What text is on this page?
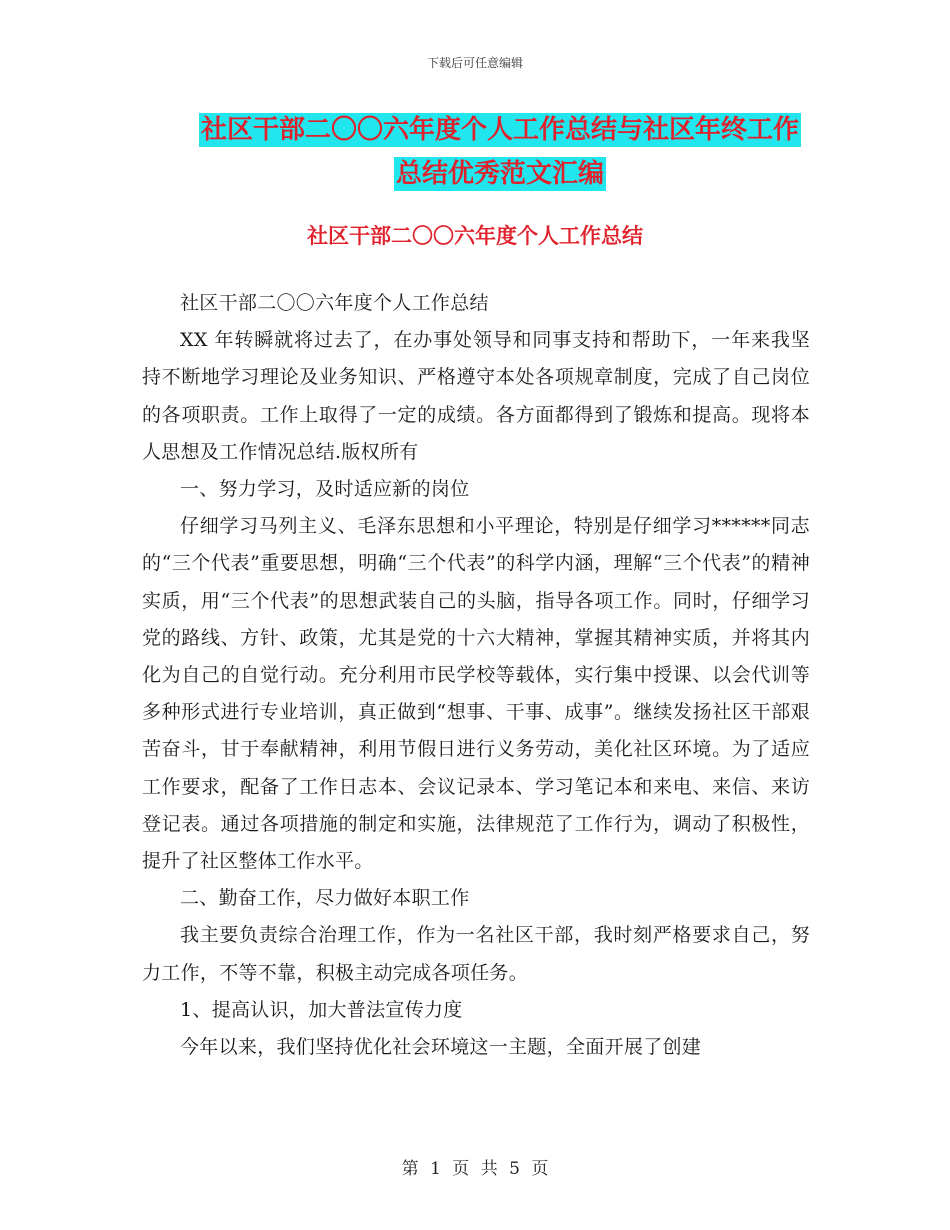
下载后可任意编辑
社区干部二〇〇六年度个人工作总结与社区年终工作
总结优秀范文汇编
社区干部二〇〇六年度个人工作总结

社区干部二〇〇六年度个人工作总结

XX 年转瞬就将过去了，在办事处领导和同事支持和帮助下，一年来我坚持不断地学习理论及业务知识、严格遵守本处各项规章制度，完成了自己岗位的各项职责。工作上取得了一定的成绩。各方面都得到了锻炼和提高。现将本人思想及工作情况总结.版权所有

一、努力学习，及时适应新的岗位

仔细学习马列主义、毛泽东思想和小平理论，特别是仔细学习******同志的“三个代表”重要思想，明确“三个代表”的科学内涵，理解“三个代表”的精神实质，用“三个代表”的思想武装自己的头脑，指导各项工作。同时，仔细学习党的路线、方针、政策，尤其是党的十六大精神，掌握其精神实质，并将其内化为自己的自觉行动。充分利用市民学校等载体，实行集中授课、以会代训等多种形式进行专业培训，真正做到“想事、干事、成事”。继续发扬社区干部艰苦奋斗，甘于奉献精神，利用节假日进行义务劳动，美化社区环境。为了适应工作要求，配备了工作日志本、会议记录本、学习笔记本和来电、来信、来访登记表。通过各项措施的制定和实施，法律规范了工作行为，调动了积极性，提升了社区整体工作水平。

二、勤奋工作，尽力做好本职工作

我主要负责综合治理工作，作为一名社区干部，我时刻严格要求自己，努力工作，不等不靠，积极主动完成各项任务。

1、提高认识，加大普法宣传力度

今年以来，我们坚持优化社会环境这一主题，全面开展了创建

第 1 页 共 5 页
